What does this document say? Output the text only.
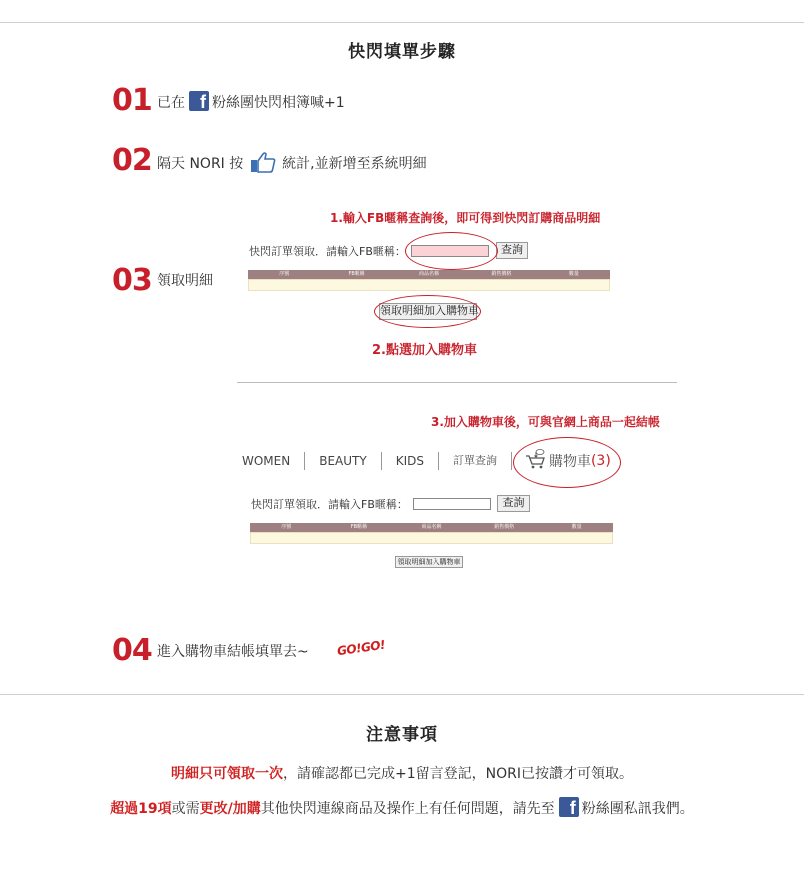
快閃填單步驟
01 已在 f 粉絲團快閃相簿喊+1
02 隔天 NORI 按	統計,並新增至系統明細
03 領取明細
1.輸入FB暱稱查詢後，即可得到快閃訂購商品明細
快閃訂單領取．請輸入FB暱稱：	查詢
序號	FB暱稱	商品名稱	銷售價格	數量
領取明細加入購物車
2.點選加入購物車
3.加入購物車後，可與官網上商品一起結帳
WOMEN	BEAUTY	KIDS	訂單查詢	購物車 (3)
快閃訂單領取．請輸入FB暱稱：	查詢
序號	FB暱稱	商品名稱	銷售價格	數量
領取明細加入購物車
04 進入購物車結帳填單去~ GO!GO!
注意事項
明細只可領取一次，請確認都已完成+1留言登記，NORI已按讚才可領取。
超過19項或需更改/加購其他快閃連線商品及操作上有任何問題，請先至 f 粉絲團私訊我們。
